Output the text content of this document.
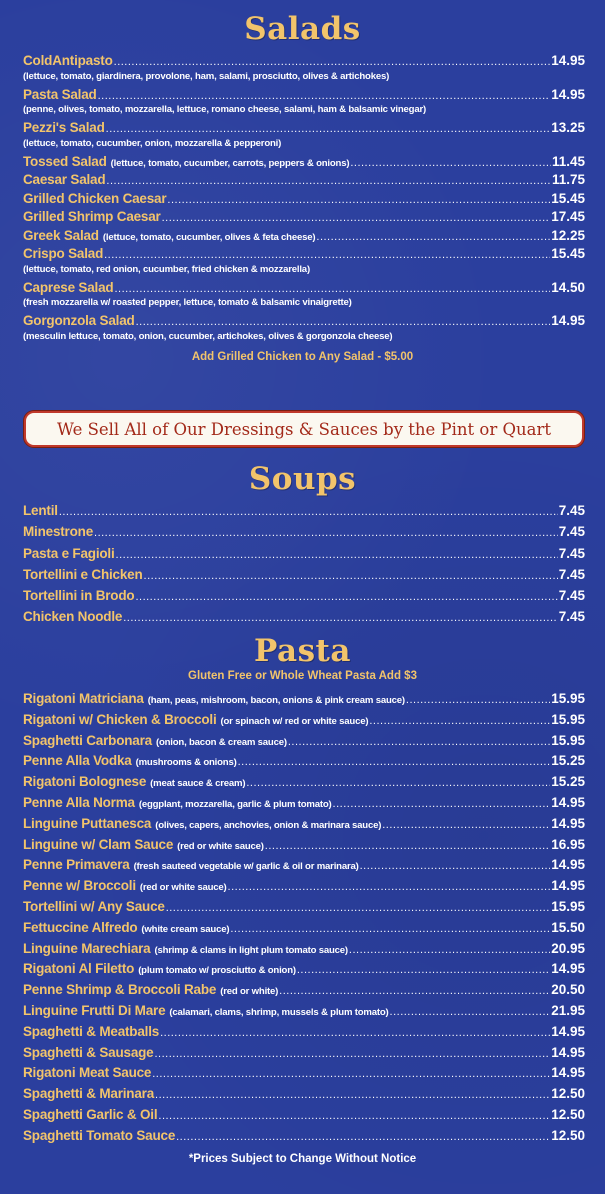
Salads
ColdAntipasto .....	14.95
(lettuce, tomato, giardinera, provolone, ham, salami, prosciutto, olives & artichokes)
Pasta Salad .....	14.95
(penne, olives, tomato, mozzarella, lettuce, romano cheese, salami, ham & balsamic vinegar)
Pezzi's Salad .....	13.25
(lettuce, tomato, cucumber, onion, mozzarella & pepperoni)
Tossed Salad (lettuce, tomato, cucumber, carrots, peppers & onions) .....	11.45
Caesar Salad .....	11.75
Grilled Chicken Caesar .....	15.45
Grilled Shrimp Caesar .....	17.45
Greek Salad (lettuce, tomato, cucumber, olives & feta cheese) .....	12.25
Crispo Salad .....	15.45
(lettuce, tomato, red onion, cucumber, fried chicken & mozzarella)
Caprese Salad .....	14.50
(fresh mozzarella w/ roasted pepper, lettuce, tomato & balsamic vinaigrette)
Gorgonzola Salad .....	14.95
(mesculin lettuce, tomato, onion, cucumber, artichokes, olives & gorgonzola cheese)
Add Grilled Chicken to Any Salad - $5.00
We Sell All of Our Dressings & Sauces by the Pint or Quart
Soups
Lentil .....	7.45
Minestrone .....	7.45
Pasta e Fagioli .....	7.45
Tortellini e Chicken .....	7.45
Tortellini in Brodo .....	7.45
Chicken Noodle .....	7.45
Pasta
Gluten Free or Whole Wheat Pasta Add $3
Rigatoni Matriciana (ham, peas, mishroom, bacon, onions & pink cream sauce) .....	15.95
Rigatoni w/ Chicken & Broccoli (or spinach w/ red or white sauce) .....	15.95
Spaghetti Carbonara (onion, bacon & cream sauce) .....	15.95
Penne Alla Vodka (mushrooms & onions) .....	15.25
Rigatoni Bolognese (meat sauce & cream) .....	15.25
Penne Alla Norma (eggplant, mozzarella, garlic & plum tomato) .....	14.95
Linguine Puttanesca (olives, capers, anchovies, onion & marinara sauce) .....	14.95
Linguine w/ Clam Sauce (red or white sauce) .....	16.95
Penne Primavera (fresh sauteed vegetable w/ garlic & oil or marinara) .....	14.95
Penne w/ Broccoli (red or white sauce) .....	14.95
Tortellini w/ Any Sauce .....	15.95
Fettuccine Alfredo (white cream sauce) .....	15.50
Linguine Marechiara (shrimp & clams in light plum tomato sauce) .....	20.95
Rigatoni Al Filetto (plum tomato w/ prosciutto & onion) .....	14.95
Penne Shrimp & Broccoli Rabe (red or white) .....	20.50
Linguine Frutti Di Mare (calamari, clams, shrimp, mussels & plum tomato) .....	21.95
Spaghetti & Meatballs .....	14.95
Spaghetti & Sausage .....	14.95
Rigatoni Meat Sauce .....	14.95
Spaghetti & Marinara .....	12.50
Spaghetti Garlic & Oil .....	12.50
Spaghetti Tomato Sauce .....	12.50
*Prices Subject to Change Without Notice
